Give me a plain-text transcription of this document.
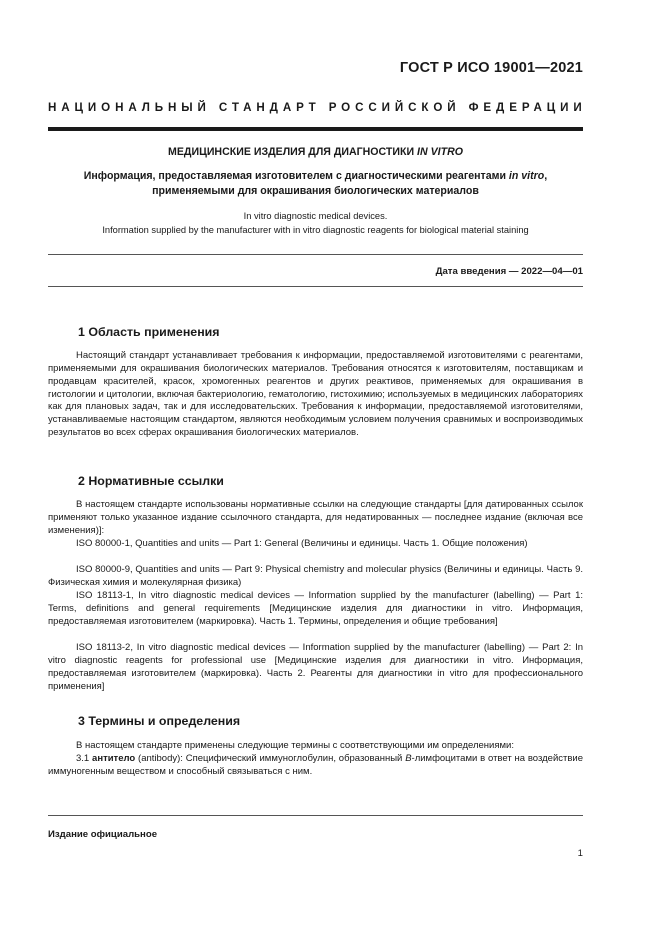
ГОСТ Р ИСО 19001—2021
НАЦИОНАЛЬНЫЙ СТАНДАРТ РОССИЙСКОЙ ФЕДЕРАЦИИ
МЕДИЦИНСКИЕ ИЗДЕЛИЯ ДЛЯ ДИАГНОСТИКИ IN VITRO
Информация, предоставляемая изготовителем с диагностическими реагентами in vitro,
применяемыми для окрашивания биологических материалов
In vitro diagnostic medical devices.
Information supplied by the manufacturer with in vitro diagnostic reagents for biological material staining
Дата введения — 2022—04—01
1 Область применения

Настоящий стандарт устанавливает требования к информации, предоставляемой изготовителями с реагентами, применяемыми для окрашивания биологических материалов. Требования относятся к изготовителям, поставщикам и продавцам красителей, красок, хромогенных реагентов и других реактивов, применяемых для окрашивания в гистологии и цитологии, включая бактериологию, гематологию, гистохимию; используемых в медицинских лабораториях как для плановых задач, так и для исследовательских. Требования к информации, предоставляемой изготовителями, устанавливаемые настоящим стандартом, являются необходимым условием получения сравнимых и воспроизводимых результатов во всех сферах окрашивания биологических материалов.

2 Нормативные ссылки

В настоящем стандарте использованы нормативные ссылки на следующие стандарты [для датированных ссылок применяют только указанное издание ссылочного стандарта, для недатированных — последнее издание (включая все изменения)]:

ISO 80000-1, Quantities and units — Part 1: General (Величины и единицы. Часть 1. Общие положения)

ISO 80000-9, Quantities and units — Part 9: Physical chemistry and molecular physics (Величины и единицы. Часть 9. Физическая химия и молекулярная физика)

ISO 18113-1, In vitro diagnostic medical devices — Information supplied by the manufacturer (labelling) — Part 1: Terms, definitions and general requirements [Медицинские изделия для диагностики in vitro. Информация, предоставляемая изготовителем (маркировка). Часть 1. Термины, определения и общие требования]

ISO 18113-2, In vitro diagnostic medical devices — Information supplied by the manufacturer (labelling) — Part 2: In vitro diagnostic reagents for professional use [Медицинские изделия для диагностики in vitro. Информация, предоставляемая изготовителем (маркировка). Часть 2. Реагенты для диагностики in vitro для профессионального применения]

3 Термины и определения

В настоящем стандарте применены следующие термины с соответствующими им определениями:

3.1 антитело (antibody): Специфический иммуноглобулин, образованный B-лимфоцитами в ответ на воздействие иммуногенным веществом и способный связываться с ним.

Издание официальное
1
